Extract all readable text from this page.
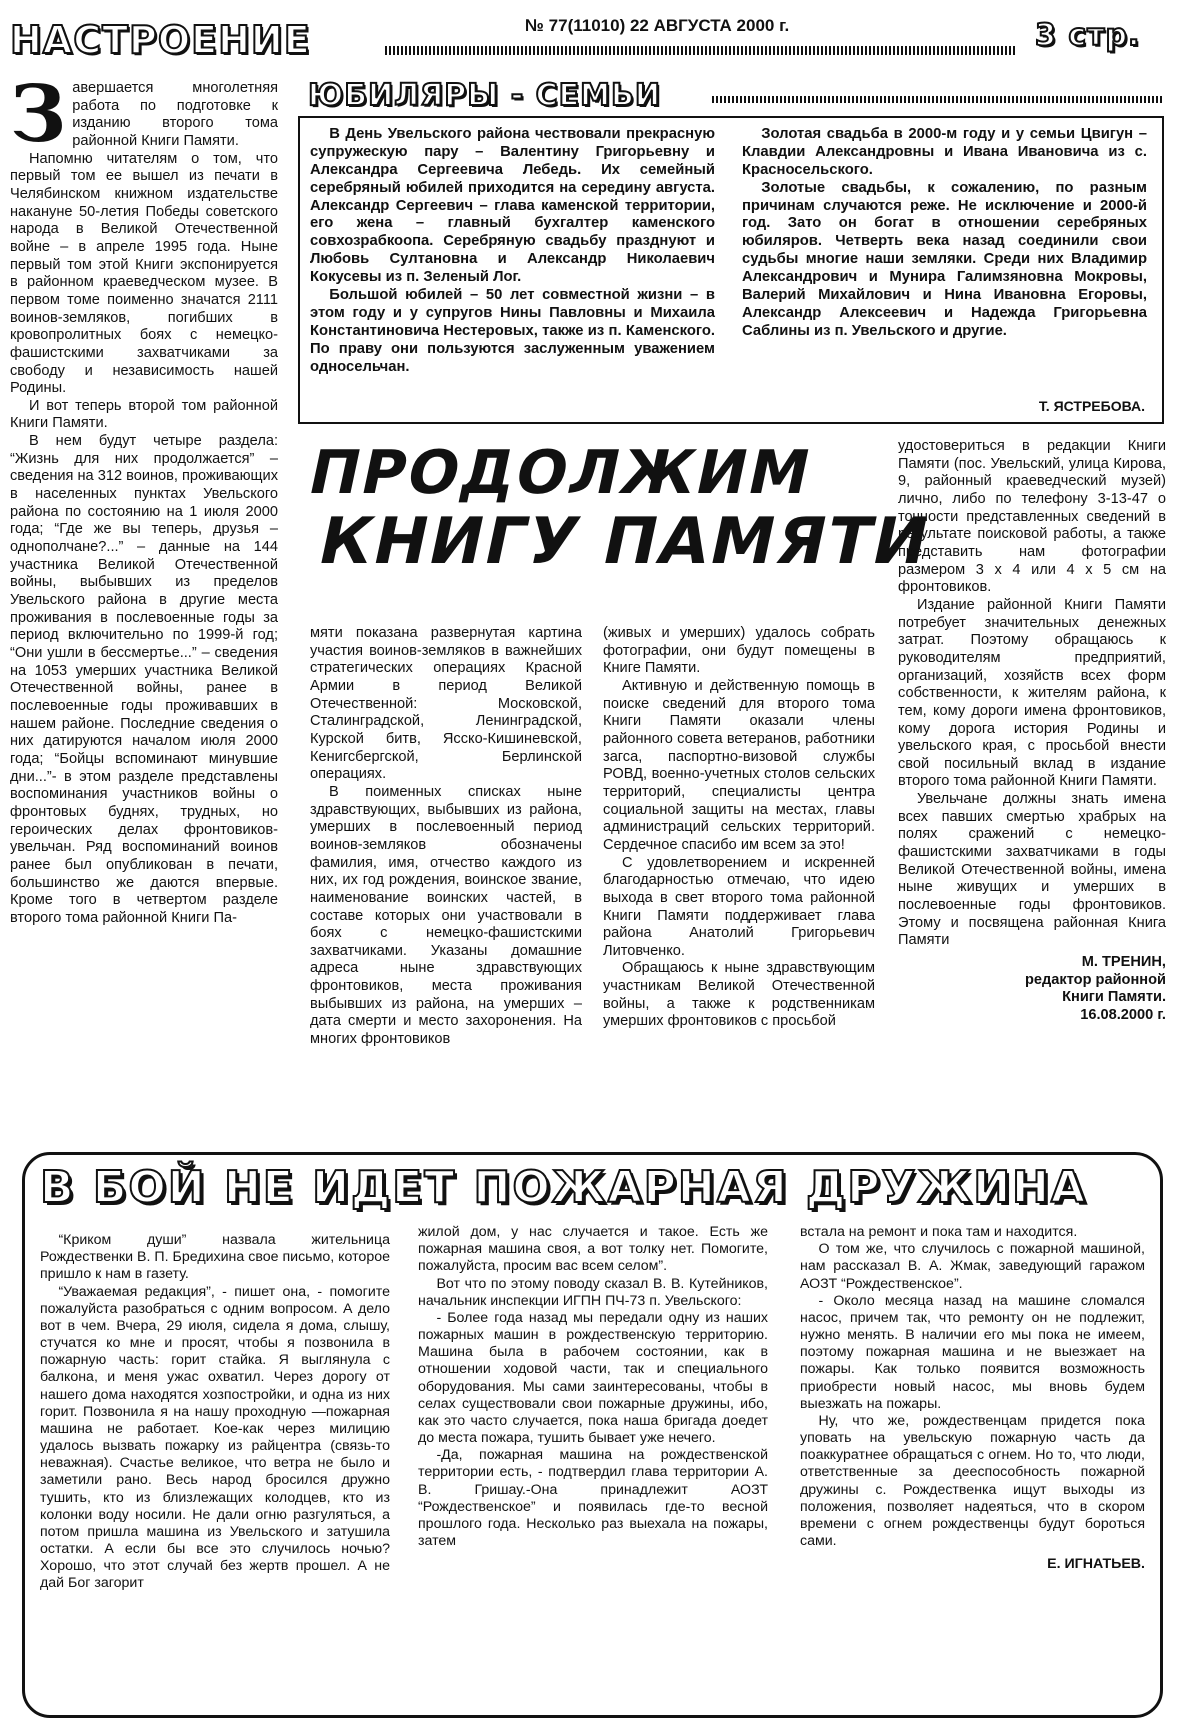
НАСТРОЕНИЕ	№ 77(11010) 22 АВГУСТА 2000 г.	3 стр.

Завершается многолетняя работа по подготовке к изданию второго тома районной Книги Памяти.

Напомню читателям о том, что первый том ее вышел из печати в Челябинском книжном издательстве накануне 50-летия Победы советского народа в Великой Отечественной войне – в апреле 1995 года. Ныне первый том этой Книги экспонируется в районном краеведческом музее. В первом томе поименно значатся 2111 воинов-земляков, погибших в кровопролитных боях с немецко-фашистскими захватчиками за свободу и независимость нашей Родины.

И вот теперь второй том районной Книги Памяти.

В нем будут четыре раздела: “Жизнь для них продолжается” – сведения на 312 воинов, проживающих в населенных пунктах Увельского района по состоянию на 1 июля 2000 года; “Где же вы теперь, друзья – однополчане?...” – данные на 144 участника Великой Отечественной войны, выбывших из пределов Увельского района в другие места проживания в послевоенные годы за период включительно по 1999-й год; “Они ушли в бессмертье...” – сведения на 1053 умерших участника Великой Отечественной войны, ранее в послевоенные годы проживавших в нашем районе. Последние сведения о них датируются началом июля 2000 года; “Бойцы вспоминают минувшие дни...”- в этом разделе представлены воспоминания участников войны о фронтовых буднях, трудных, но героических делах фронтовиков-увельчан. Ряд воспоминаний воинов ранее был опубликован в печати, большинство же даются впервые. Кроме того в четвертом разделе второго тома районной Книги Па-

ЮБИЛЯРЫ - СЕМЬИ

В День Увельского района чествовали прекрасную супружескую пару – Валентину Григорьевну и Александра Сергеевича Лебедь. Их семейный серебряный юбилей приходится на середину августа. Александр Сергеевич – глава каменской территории, его жена – главный бухгалтер каменского совхозрабкоопа. Серебряную свадьбу празднуют и Любовь Султановна и Александр Николаевич Кокусевы из п. Зеленый Лог.

Большой юбилей – 50 лет совместной жизни – в этом году и у супругов Нины Павловны и Михаила Константиновича Нестеровых, также из п. Каменского. По праву они пользуются заслуженным уважением односельчан.

Золотая свадьба в 2000-м году и у семьи Цвигун – Клавдии Александровны и Ивана Ивановича из с. Красносельского.

Золотые свадьбы, к сожалению, по разным причинам случаются реже. Не исключение и 2000-й год. Зато он богат в отношении серебряных юбиляров. Четверть века назад соединили свои судьбы многие наши земляки. Среди них Владимир Александрович и Мунира Галимзяновна Мокровы, Валерий Михайлович и Нина Ивановна Егоровы, Александр Алексеевич и Надежда Григорьевна Саблины из п. Увельского и другие.

Т. ЯСТРЕБОВА.
ПРОДОЛЖИМ
КНИГУ ПАМЯТИ

мяти показана развернутая картина участия воинов-земляков в важнейших стратегических операциях Красной Армии в период Великой Отечественной: Московской, Сталинградской, Ленинградской, Курской битв, Ясско-Кишиневской, Кенигсбергской, Берлинской операциях.

В поименных списках ныне здравствующих, выбывших из района, умерших в послевоенный период воинов-земляков обозначены фамилия, имя, отчество каждого из них, их год рождения, воинское звание, наименование воинских частей, в составе которых они участвовали в боях с немецко-фашистскими захватчиками. Указаны домашние адреса ныне здравствующих фронтовиков, места проживания выбывших из района, на умерших – дата смерти и место захоронения. На многих фронтовиков

(живых и умерших) удалось собрать фотографии, они будут помещены в Книге Памяти.

Активную и действенную помощь в поиске сведений для второго тома Книги Памяти оказали члены районного совета ветеранов, работники загса, паспортно-визовой службы РОВД, военно-учетных столов сельских территорий, специалисты центра социальной защиты на местах, главы администраций сельских территорий. Сердечное спасибо им всем за это!

С удовлетворением и искренней благодарностью отмечаю, что идею выхода в свет второго тома районной Книги Памяти поддерживает глава района Анатолий Григорьевич Литовченко.

Обращаюсь к ныне здравствующим участникам Великой Отечественной войны, а также к родственникам умерших фронтовиков с просьбой

удостовериться в редакции Книги Памяти (пос. Увельский, улица Кирова, 9, районный краеведческий музей) лично, либо по телефону 3-13-47 о точности представленных сведений в результате поисковой работы, а также представить нам фотографии размером 3 х 4 или 4 х 5 см на фронтовиков.

Издание районной Книги Памяти потребует значительных денежных затрат. Поэтому обращаюсь к руководителям предприятий, организаций, хозяйств всех форм собственности, к жителям района, к тем, кому дороги имена фронтовиков, кому дорога история Родины и увельского края, с просьбой внести свой посильный вклад в издание второго тома районной Книги Памяти.

Увельчане должны знать имена всех павших смертью храбрых на полях сражений с немецко-фашистскими захватчиками в годы Великой Отечественной войны, имена ныне живущих и умерших в послевоенные годы фронтовиков. Этому и посвящена районная Книга Памяти

М. ТРЕНИН,
редактор районной
Книги Памяти.
16.08.2000 г.
В БОЙ НЕ ИДЕТ ПОЖАРНАЯ ДРУЖИНА

“Криком души” назвала жительница Рождественки В. П. Бредихина свое письмо, которое пришло к нам в газету.

“Уважаемая редакция”, - пишет она, - помогите пожалуйста разобраться с одним вопросом. А дело вот в чем. Вчера, 29 июля, сидела я дома, слышу, стучатся ко мне и просят, чтобы я позвонила в пожарную часть: горит стайка. Я выглянула с балкона, и меня ужас охватил. Через дорогу от нашего дома находятся хозпостройки, и одна из них горит. Позвонила я на нашу проходную —пожарная машина не работает. Кое-как через милицию удалось вызвать пожарку из райцентра (связь-то неважная). Счастье великое, что ветра не было и заметили рано. Весь народ бросился дружно тушить, кто из близлежащих колодцев, кто из колонки воду носили. Не дали огню разгуляться, а потом пришла машина из Увельского и затушила остатки. А если бы все это случилось ночью? Хорошо, что этот случай без жертв прошел. А не дай Бог загорит

жилой дом, у нас случается и такое. Есть же пожарная машина своя, а вот толку нет. Помогите, пожалуйста, просим вас всем селом”.

Вот что по этому поводу сказал В. В. Кутейников, начальник инспекции ИГПН ПЧ-73 п. Увельского:

- Более года назад мы передали одну из наших пожарных машин в рождественскую территорию. Машина была в рабочем состоянии, как в отношении ходовой части, так и специального оборудования. Мы сами заинтересованы, чтобы в селах существовали свои пожарные дружины, ибо, как это часто случается, пока наша бригада доедет до места пожара, тушить бывает уже нечего.

-Да, пожарная машина на рождественской территории есть, - подтвердил глава территории А. В. Гришау.-Она принадлежит АОЗТ “Рождественское” и появилась где-то весной прошлого года. Несколько раз выехала на пожары, затем

встала на ремонт и пока там и находится.

О том же, что случилось с пожарной машиной, нам рассказал В. А. Жмак, заведующий гаражом АОЗТ “Рождественское”.

- Около месяца назад на машине сломался насос, причем так, что ремонту он не подлежит, нужно менять. В наличии его мы пока не имеем, поэтому пожарная машина и не выезжает на пожары. Как только появится возможность приобрести новый насос, мы вновь будем выезжать на пожары.

Ну, что же, рождественцам придется пока уповать на увельскую пожарную часть да поаккуратнее обращаться с огнем. Но то, что люди, ответственные за дееспособность пожарной дружины с. Рождественка ищут выходы из положения, позволяет надеяться, что в скором времени с огнем рождественцы будут бороться сами.

Е. ИГНАТЬЕВ.
